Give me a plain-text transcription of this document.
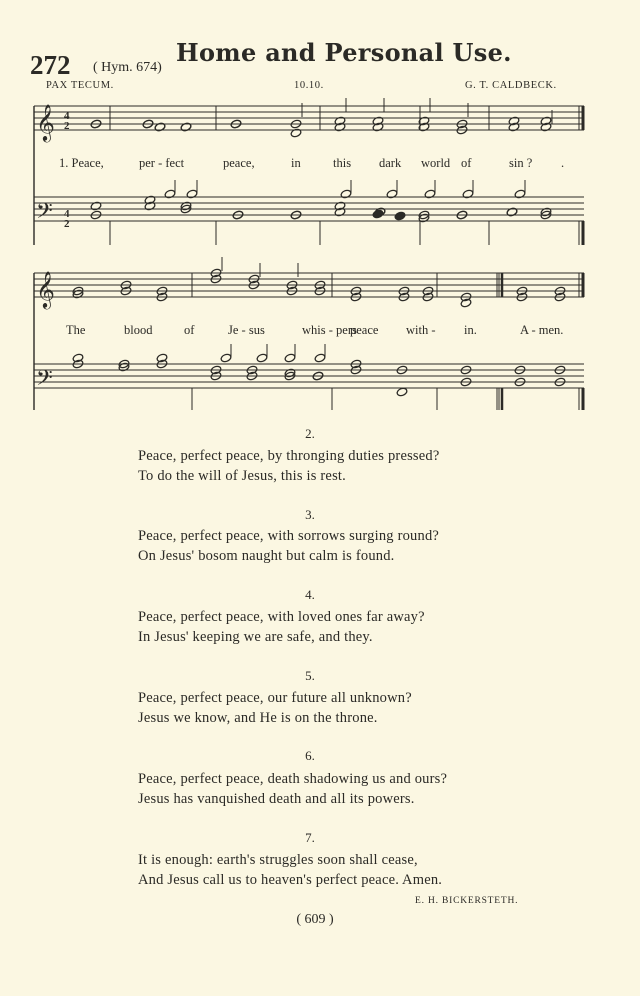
272 ( Hym. 674)
Home and Personal Use.
PAX TECUM.	10.10.	G. T. CALDBECK.
𝄞
𝄢
𝄞
𝄢
4 2
4 2
1. Peace,	per - fect	peace,	in	this dark world of	sin ? .
The	blood	of	Je - sus	whis - pers
peace with - in.	A - men.
2.
Peace, perfect peace, by thronging duties pressed?
To do the will of Jesus, this is rest.
3.
Peace, perfect peace, with sorrows surging round?
On Jesus' bosom naught but calm is found.
4.
Peace, perfect peace, with loved ones far away?
In Jesus' keeping we are safe, and they.
5.
Peace, perfect peace, our future all unknown?
Jesus we know, and He is on the throne.
6.
Peace, perfect peace, death shadowing us and ours?
Jesus has vanquished death and all its powers.
7.
It is enough: earth's struggles soon shall cease,
And Jesus call us to heaven's perfect peace. Amen.
E. H. BICKERSTETH.
( 609 )
